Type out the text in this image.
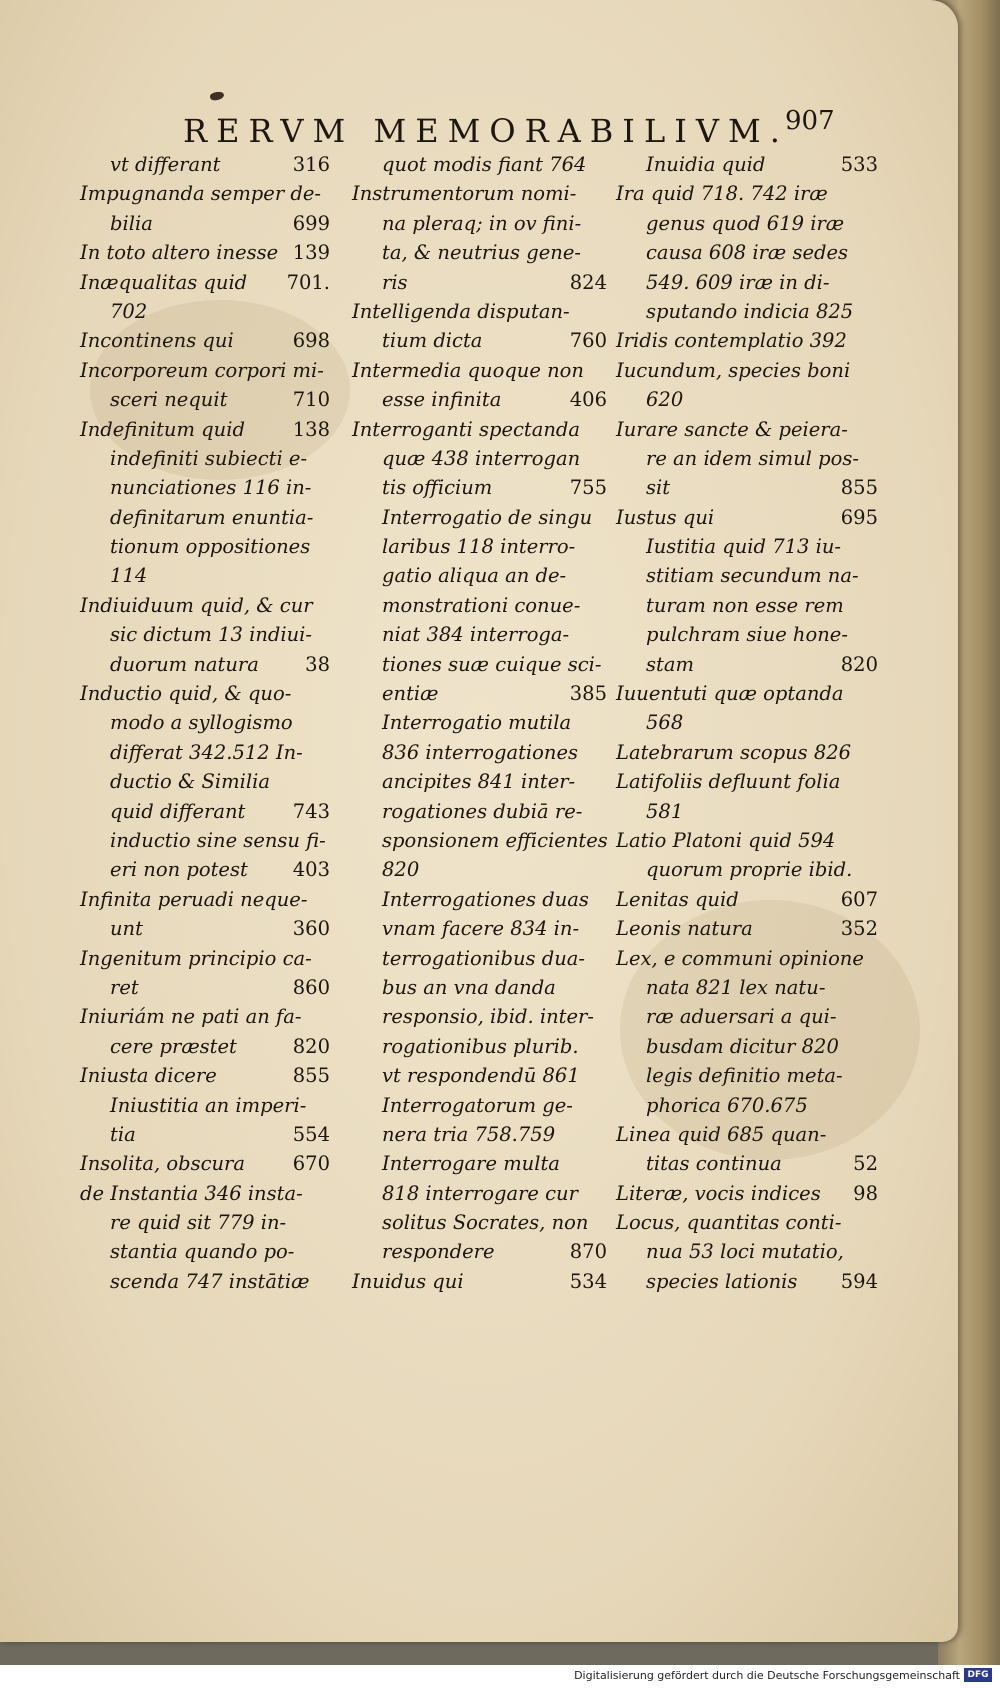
RERVM MEMORABILIVM.
907
vt differant	316
Impugnanda semper de-
bilia	699
In toto altero inesse 139
Inæqualitas quid 701.
702
Incontinens qui	698
Incorporeum corpori mi-
sceri nequit	710
Indefinitum quid 138
indefiniti subiecti e-
nunciationes 116 in-
definitarum enuntia-
tionum oppositiones
114
Indiuiduum quid, & cur
sic dictum 13 indiui-
duorum natura 38
Inductio quid, & quo-
modo a syllogismo
differat 342.512 In-
ductio & Similia
quid differant 743
inductio sine sensu fi-
eri non potest 403
Infinita peruadi neque-
unt	360
Ingenitum principio ca-
ret	860
Iniuriám ne pati an fa-
cere præstet	820
Iniusta dicere	855
Iniustitia an imperi-
tia	554
Insolita, obscura 670
de Instantia 346 insta-
re quid sit 779 in-
stantia quando po-
scenda 747 instātiæ
quot modis fiant 764
Instrumentorum nomi-
na pleraq; in ov fini-
ta, & neutrius gene-
ris	824
Intelligenda disputan-
tium dicta	760
Intermedia quoque non
esse infinita	406
Interroganti spectanda
quæ 438 interrogan
tis officium	755
Interrogatio de singu
laribus 118 interro-
gatio aliqua an de-
monstrationi conue-
niat 384 interroga-
tiones suæ cuique sci-
entiæ	385
Interrogatio mutila
836 interrogationes
ancipites 841 inter-
rogationes dubiā re-
sponsionem efficientes
820
Interrogationes duas
vnam facere 834 in-
terrogationibus dua-
bus an vna danda
responsio, ibid. inter-
rogationibus plurib.
vt respondendū 861
Interrogatorum ge-
nera tria 758.759
Interrogare multa
818 interrogare cur
solitus Socrates, non
respondere	870
Inuidus qui	534
Inuidia quid	533
Ira quid 718. 742 iræ
genus quod 619 iræ
causa 608 iræ sedes
549. 609 iræ in di-
sputando indicia 825
Iridis contemplatio 392
Iucundum, species boni
620
Iurare sancte & peiera-
re an idem simul pos-
sit	855
Iustus qui	695
Iustitia quid 713 iu-
stitiam secundum na-
turam non esse rem
pulchram siue hone-
stam	820
Iuuentuti quæ optanda
568
Latebrarum scopus 826
Latifoliis defluunt folia
581
Latio Platoni quid 594
quorum proprie ibid.
Lenitas quid	607
Leonis natura	352
Lex, e communi opinione
nata 821 lex natu-
ræ aduersari a qui-
busdam dicitur 820
legis definitio meta-
phorica 670.675
Linea quid 685 quan-
titas continua	52
Literæ, vocis indices 98
Locus, quantitas conti-
nua 53 loci mutatio,
species lationis 594
Digitalisierung gefördert durch die Deutsche Forschungsgemeinschaft DFG
